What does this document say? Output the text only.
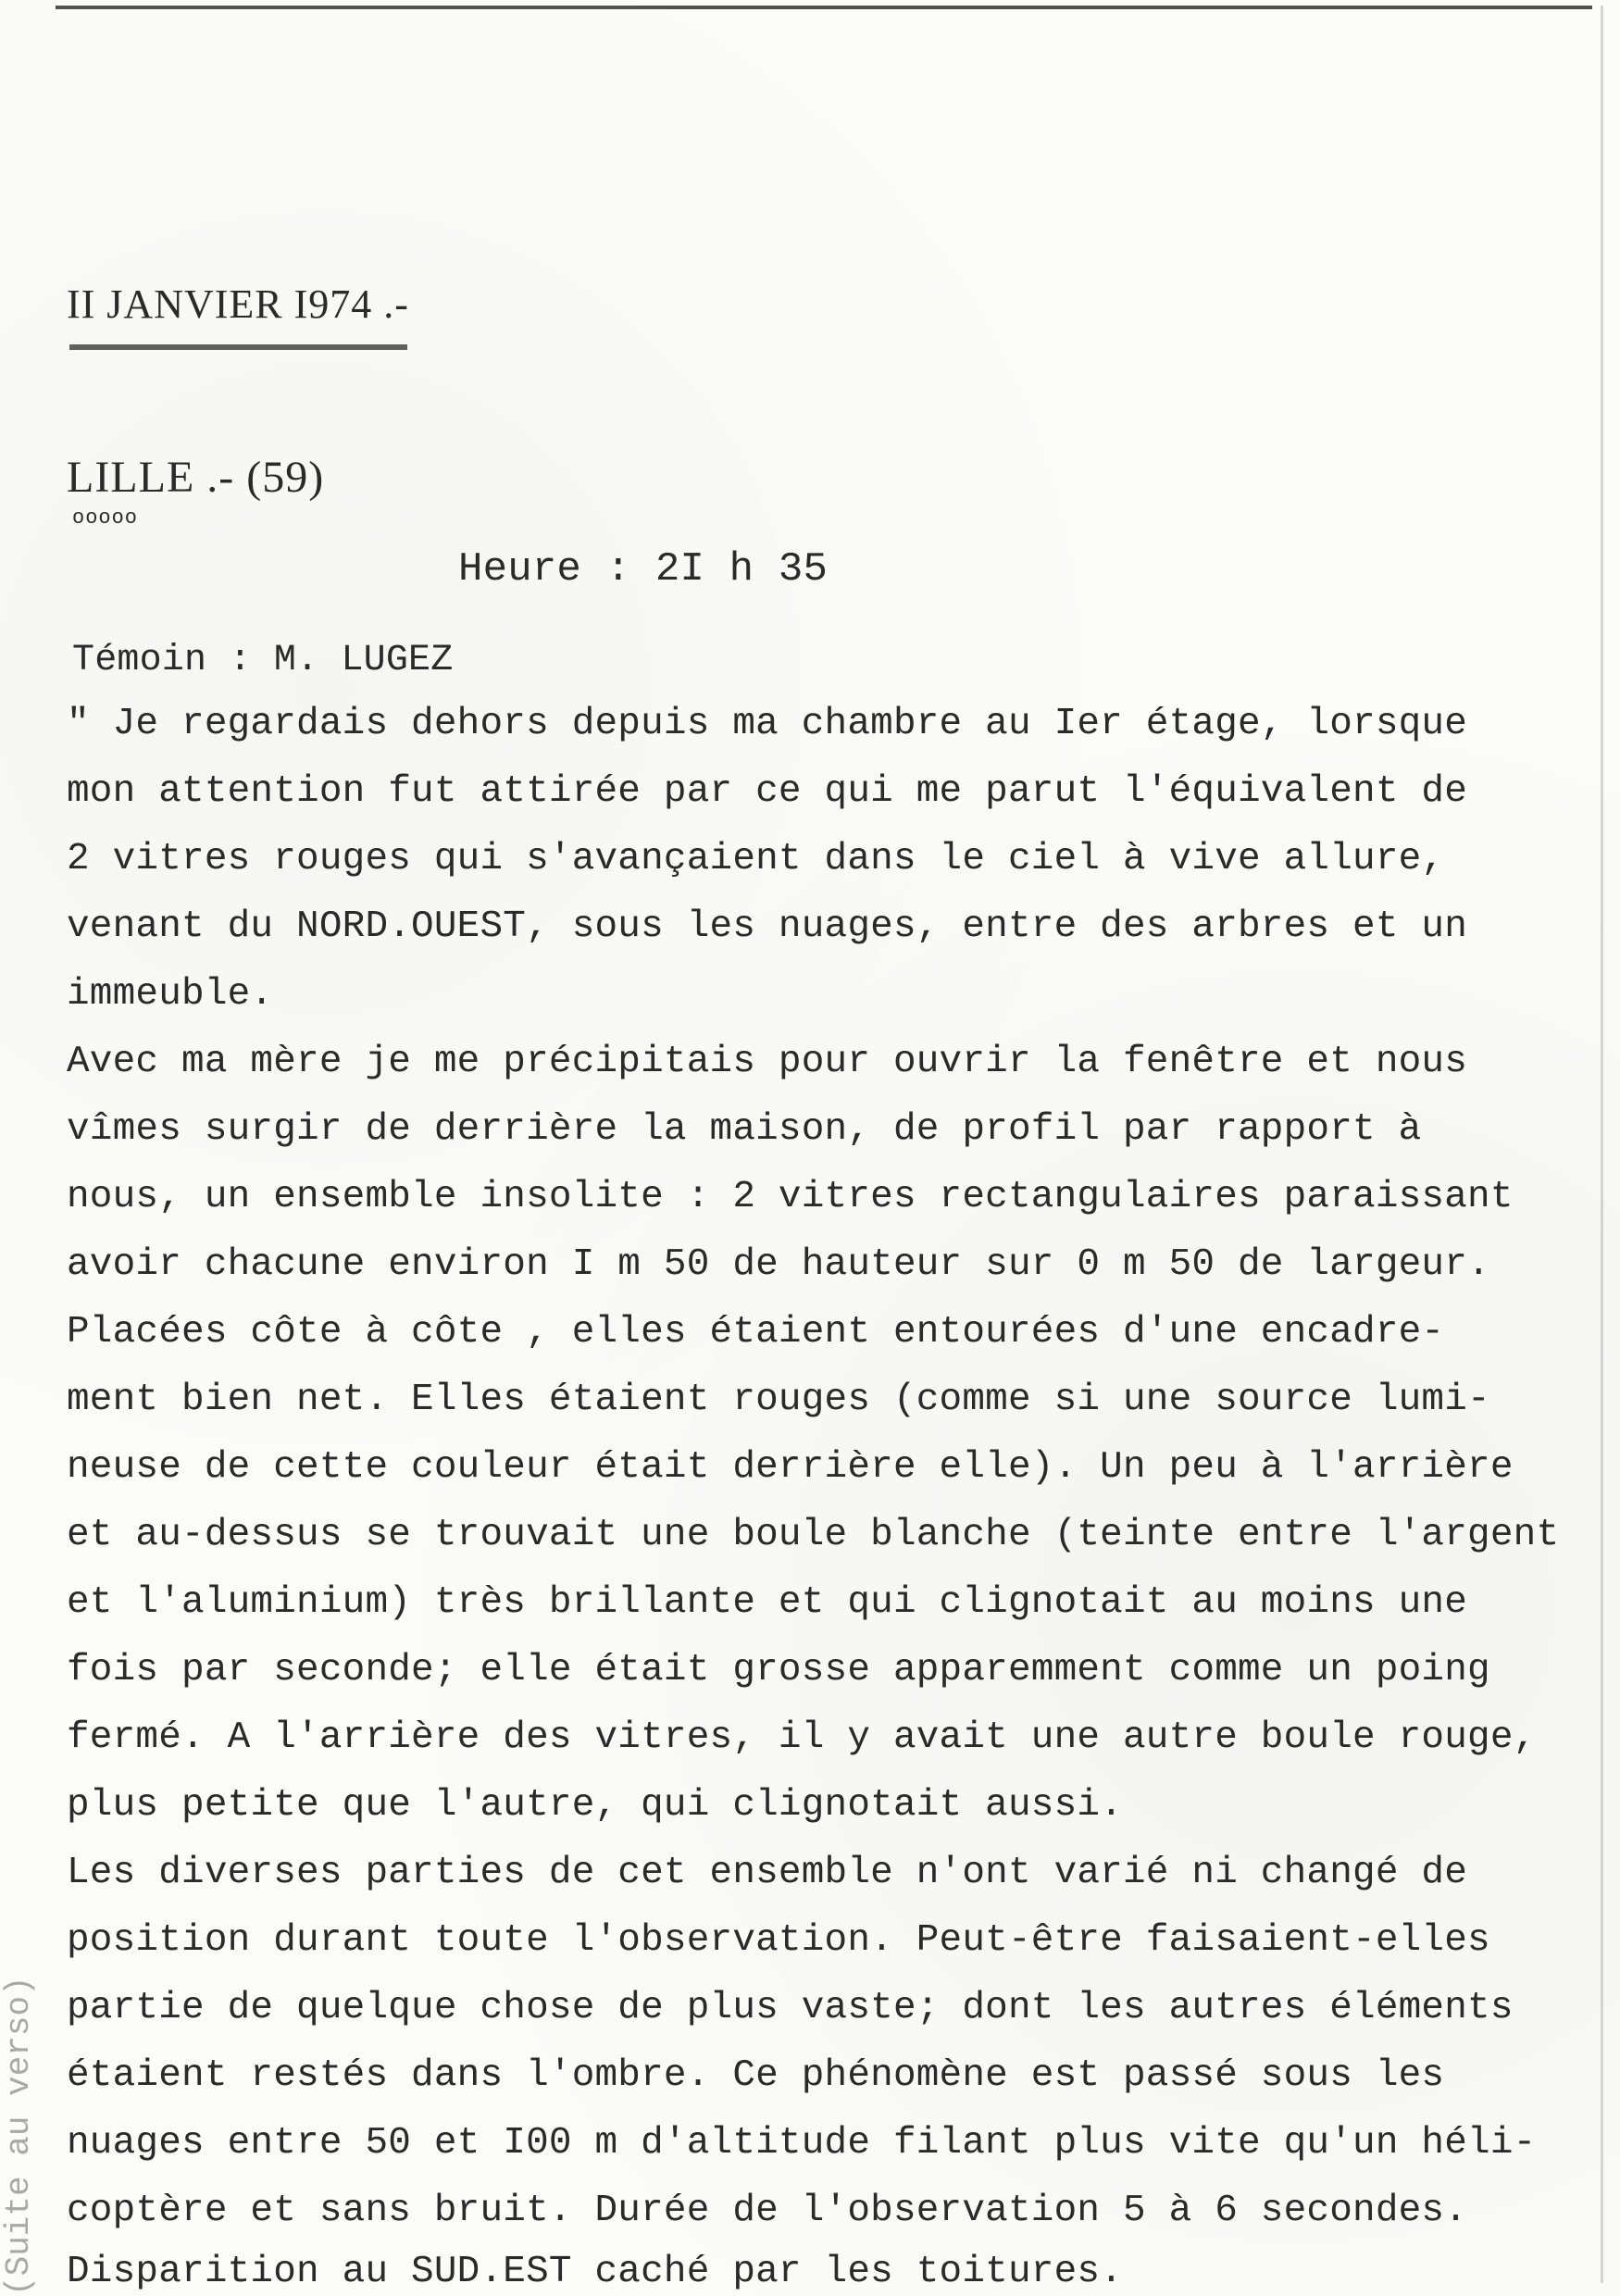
II JANVIER I974 .-
LILLE .- (59)
ooooo
Heure : 2I h 35
Témoin : M. LUGEZ
" Je regardais dehors depuis ma chambre au Ier étage, lorsque
mon attention fut attirée par ce qui me parut l'équivalent de
2 vitres rouges qui s'avançaient dans le ciel à vive allure,
venant du NORD.OUEST, sous les nuages, entre des arbres et un
immeuble.
Avec ma mère je me précipitais pour ouvrir la fenêtre et nous
vîmes surgir de derrière la maison, de profil par rapport à
nous, un ensemble insolite : 2 vitres rectangulaires paraissant
avoir chacune environ I m 50 de hauteur sur 0 m 50 de largeur.
Placées côte à côte , elles étaient entourées d'une encadre-
ment bien net. Elles étaient rouges (comme si une source lumi-
neuse de cette couleur était derrière elle). Un peu à l'arrière
et au-dessus se trouvait une boule blanche (teinte entre l'argent
et l'aluminium) très brillante et qui clignotait au moins une
fois par seconde; elle était grosse apparemment comme un poing
fermé. A l'arrière des vitres, il y avait une autre boule rouge,
plus petite que l'autre, qui clignotait aussi.
Les diverses parties de cet ensemble n'ont varié ni changé de
position durant toute l'observation. Peut-être faisaient-elles
partie de quelque chose de plus vaste; dont les autres éléments
étaient restés dans l'ombre. Ce phénomène est passé sous les
nuages entre 50 et I00 m d'altitude filant plus vite qu'un héli-
coptère et sans bruit. Durée de l'observation 5 à 6 secondes.
Disparition au SUD.EST caché par les toitures.
(Suite au verso)
